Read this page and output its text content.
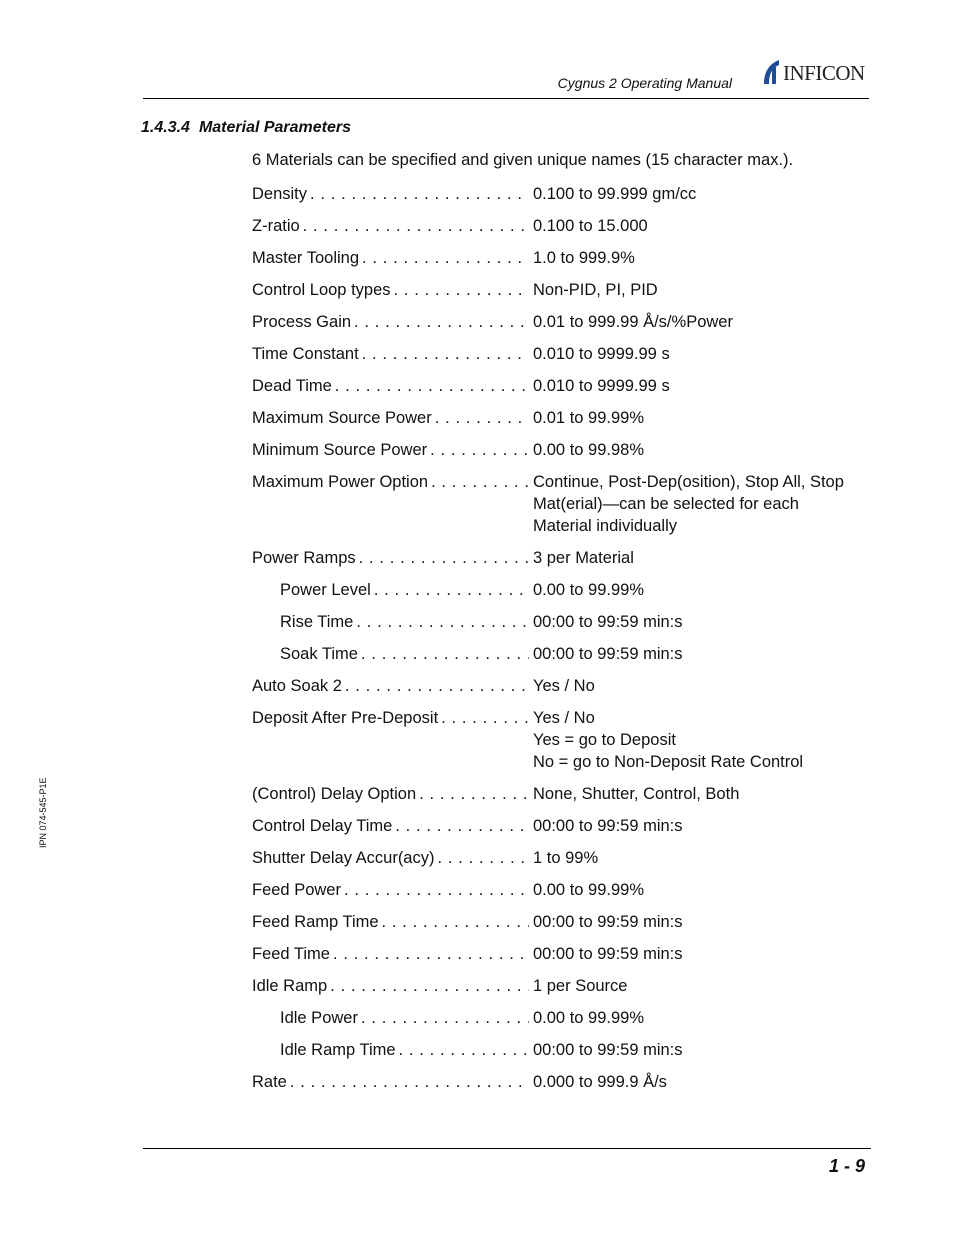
Cygnus 2 Operating Manual INFICON
1.4.3.4 Material Parameters
6 Materials can be specified and given unique names (15 character max.).
Density . . .	0.100 to 99.999 gm/cc
Z-ratio . . .	0.100 to 15.000
Master Tooling . . .	1.0 to 999.9%
Control Loop types . . .	Non-PID, PI, PID
Process Gain . . .	0.01 to 999.99 Å/s/%Power
Time Constant . . .	0.010 to 9999.99 s
Dead Time . . .	0.010 to 9999.99 s
Maximum Source Power . . .	0.01 to 99.99%
Minimum Source Power . . .	0.00 to 99.98%
Maximum Power Option . . .	Continue, Post-Dep(osition), Stop All, Stop
Mat(erial)—can be selected for each
Material individually
Power Ramps . . .	3 per Material
Power Level . . .	0.00 to 99.99%
Rise Time . . .	00:00 to 99:59 min:s
Soak Time . . .	00:00 to 99:59 min:s
Auto Soak 2 . . .	Yes / No
Deposit After Pre-Deposit . . .	Yes / No
Yes = go to Deposit
No = go to Non-Deposit Rate Control
(Control) Delay Option . . .	None, Shutter, Control, Both
Control Delay Time . . .	00:00 to 99:59 min:s
Shutter Delay Accur(acy) . . .	1 to 99%
Feed Power . . .	0.00 to 99.99%
Feed Ramp Time . . .	00:00 to 99:59 min:s
Feed Time . . .	00:00 to 99:59 min:s
Idle Ramp . . .	1 per Source
Idle Power . . .	0.00 to 99.99%
Idle Ramp Time . . .	00:00 to 99:59 min:s
Rate . . .	0.000 to 999.9 Å/s
IPN 074-545-P1E
1 - 9
